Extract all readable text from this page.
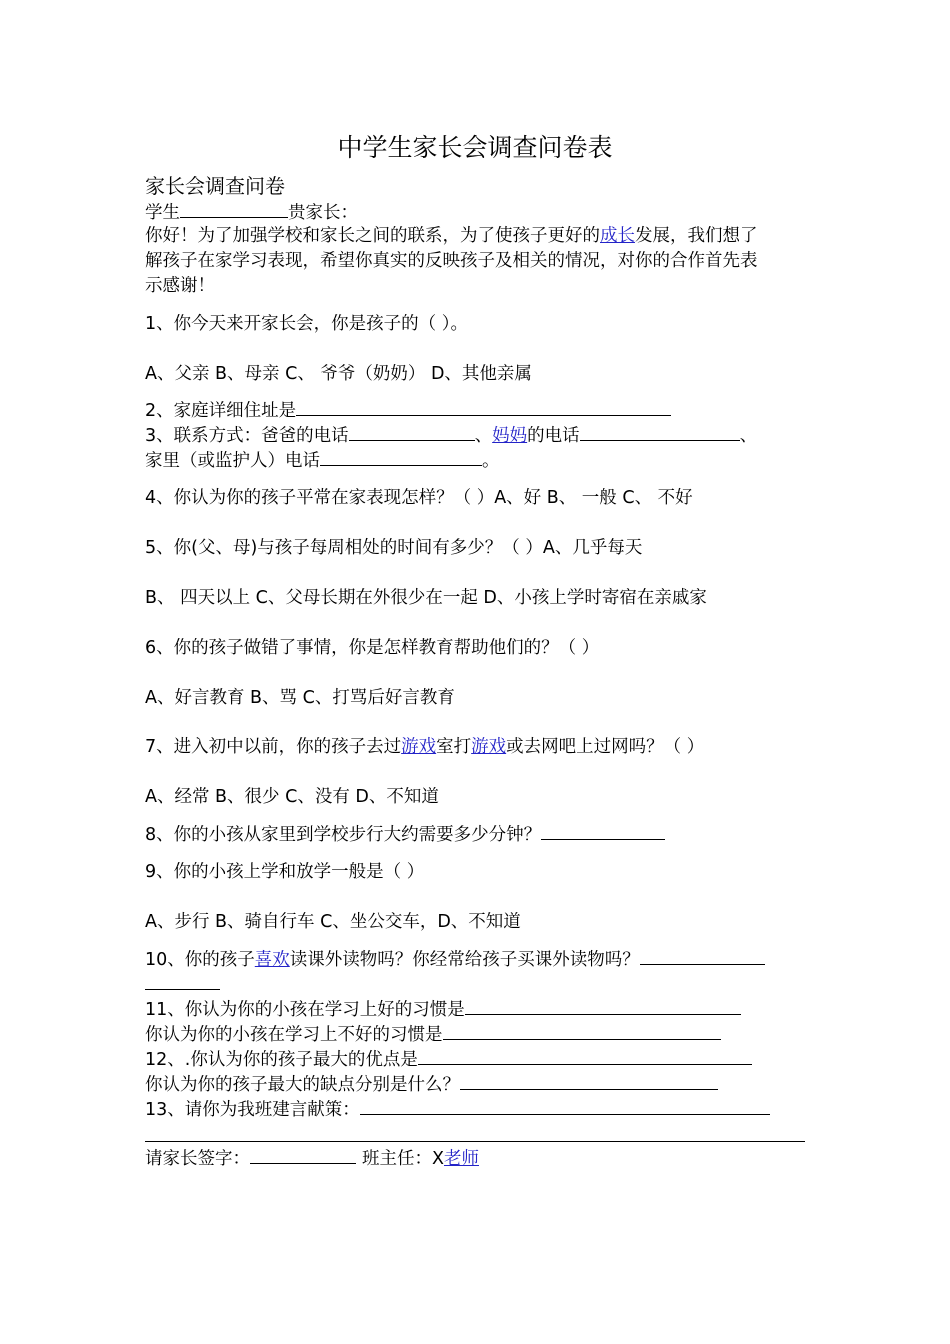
中学生家长会调查问卷表
家长会调查问卷
学生	贵家长：
你好！为了加强学校和家长之间的联系，为了使孩子更好的成长发展，我们想了
解孩子在家学习表现，希望你真实的反映孩子及相关的情况，对你的合作首先表
示感谢！
1、你今天来开家长会，你是孩子的（ ）。
A、父亲 B、母亲 C、 爷爷（奶奶） D、其他亲属
2、家庭详细住址是
3、联系方式：爸爸的电话	、妈妈的电话	、
家里（或监护人）电话	。
4、你认为你的孩子平常在家表现怎样？（ ）A、好 B、 一般 C、 不好
5、你(父、母)与孩子每周相处的时间有多少？（ ）A、几乎每天
B、 四天以上 C、父母长期在外很少在一起 D、小孩上学时寄宿在亲戚家
6、你的孩子做错了事情，你是怎样教育帮助他们的？（ ）
A、好言教育 B、骂 C、打骂后好言教育
7、进入初中以前，你的孩子去过游戏室打游戏或去网吧上过网吗？（ ）
A、经常 B、很少 C、没有 D、不知道
8、你的小孩从家里到学校步行大约需要多少分钟？
9、你的小孩上学和放学一般是（ ）
A、步行 B、骑自行车 C、坐公交车，D、不知道
10、你的孩子喜欢读课外读物吗？你经常给孩子买课外读物吗？
11、你认为你的小孩在学习上好的习惯是
你认为你的小孩在学习上不好的习惯是
12、.你认为你的孩子最大的优点是
你认为你的孩子最大的缺点分别是什么？
13、请你为我班建言献策：
请家长签字：	班主任：X老师
